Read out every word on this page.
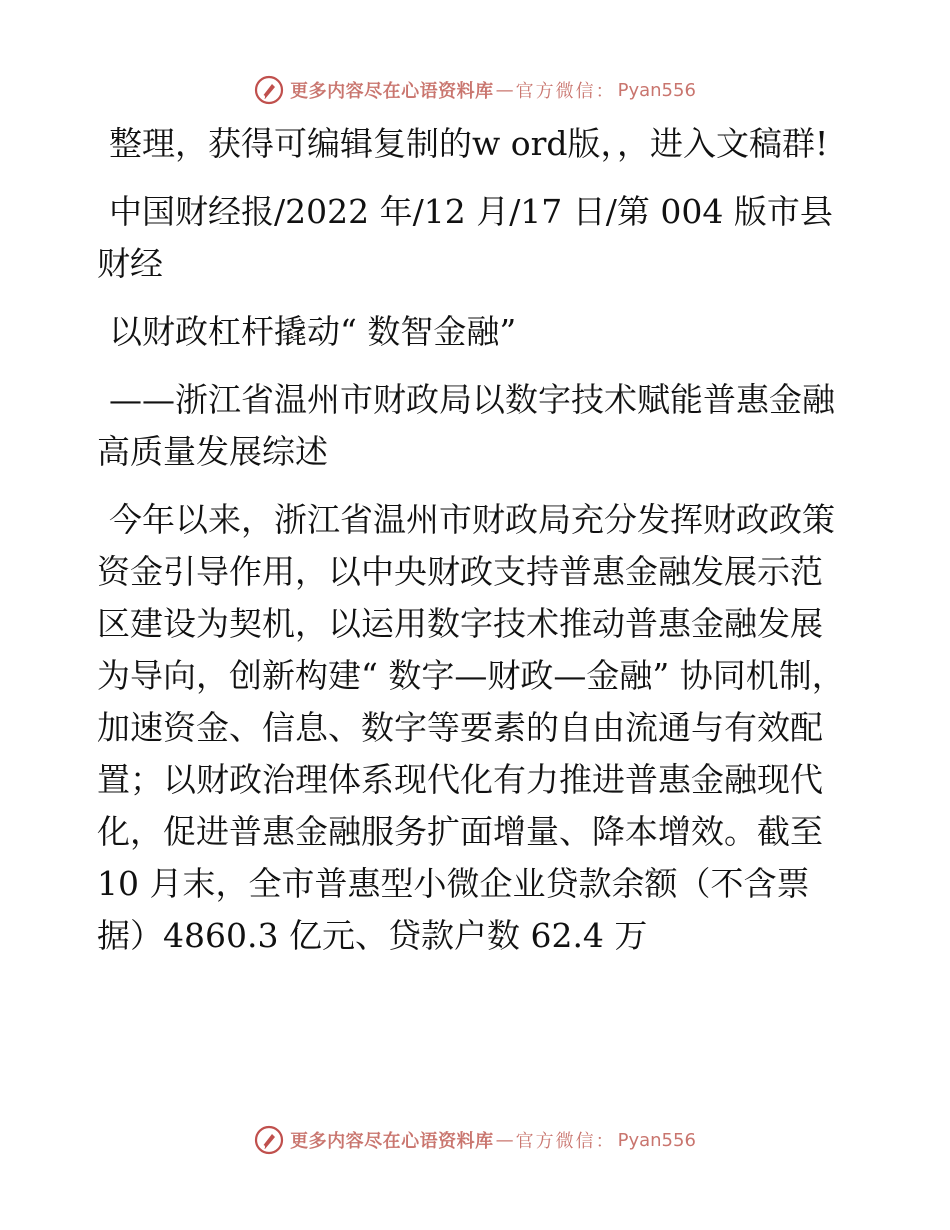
更多内容尽在心语资料库 — 官方微信： Pyan556

整理，获得可编辑复制的w ord版，，进入文稿群!

中国财经报/2022 年/12 月/17 日/第 004 版市县财经

以财政杠杆撬动“ 数智金融”

——浙江省温州市财政局以数字技术赋能普惠金融高质量发展综述

今年以来，浙江省温州市财政局充分发挥财政政策资金引导作用，以中央财政支持普惠金融发展示范区建设为契机，以运用数字技术推动普惠金融发展为导向，创新构建“ 数字—财政—金融” 协同机制，加速资金、信息、数字等要素的自由流通与有效配置；以财政治理体系现代化有力推进普惠金融现代化，促进普惠金融服务扩面增量、降本增效。截至 10 月末，全市普惠型小微企业贷款余额（不含票据）4860.3 亿元、贷款户数 62.4 万

更多内容尽在心语资料库 — 官方微信： Pyan556
